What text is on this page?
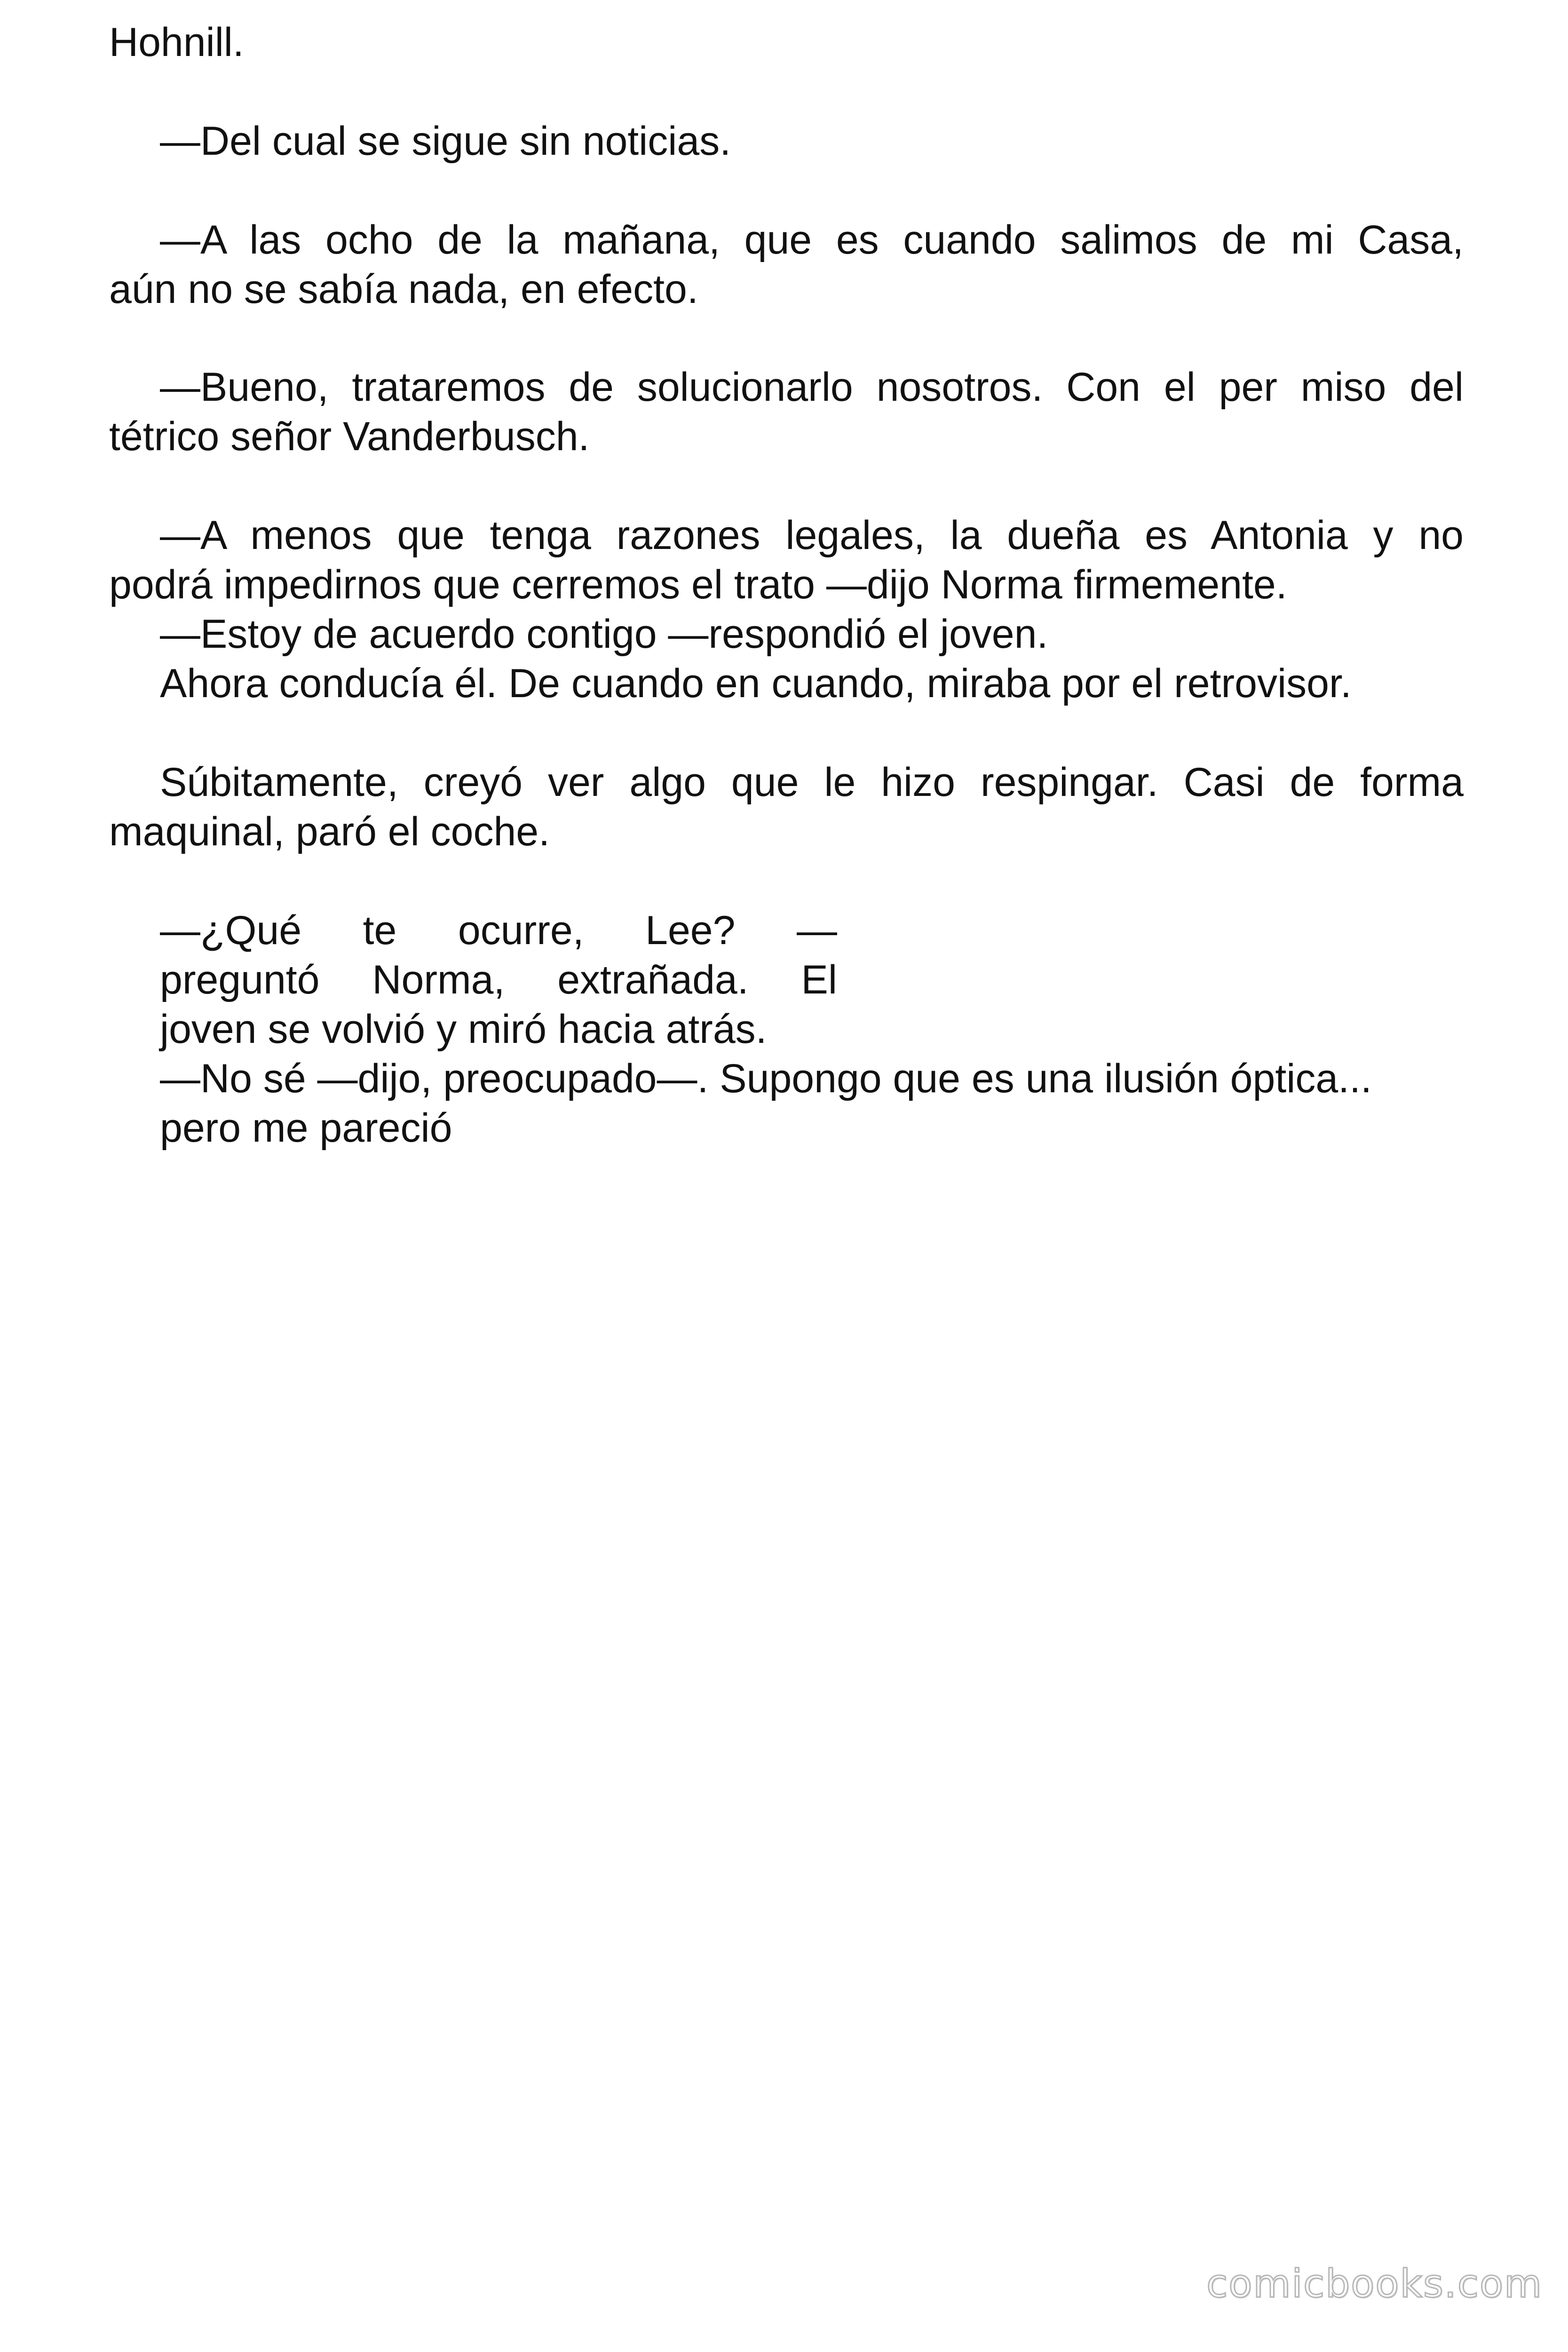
Hohnill.
—Del cual se sigue sin noticias.
—A las ocho de la mañana, que es cuando salimos de mi Casa,
aún no se sabía nada, en efecto.
—Bueno, trataremos de solucionarlo nosotros. Con el per miso del
tétrico señor Vanderbusch.
—A menos que tenga razones legales, la dueña es Antonia y no
podrá impedirnos que cerremos el trato —dijo Norma firmemente.
—Estoy de acuerdo contigo —respondió el joven.
Ahora conducía él. De cuando en cuando, miraba por el retrovisor.
Súbitamente, creyó ver algo que le hizo respingar. Casi de forma
maquinal, paró el coche.
—¿Qué te ocurre, Lee? —
preguntó Norma, extrañada. El
joven se volvió y miró hacia atrás.
—No sé —dijo, preocupado—. Supongo que es una ilusión óptica...
pero me pareció
comicbooks.com
